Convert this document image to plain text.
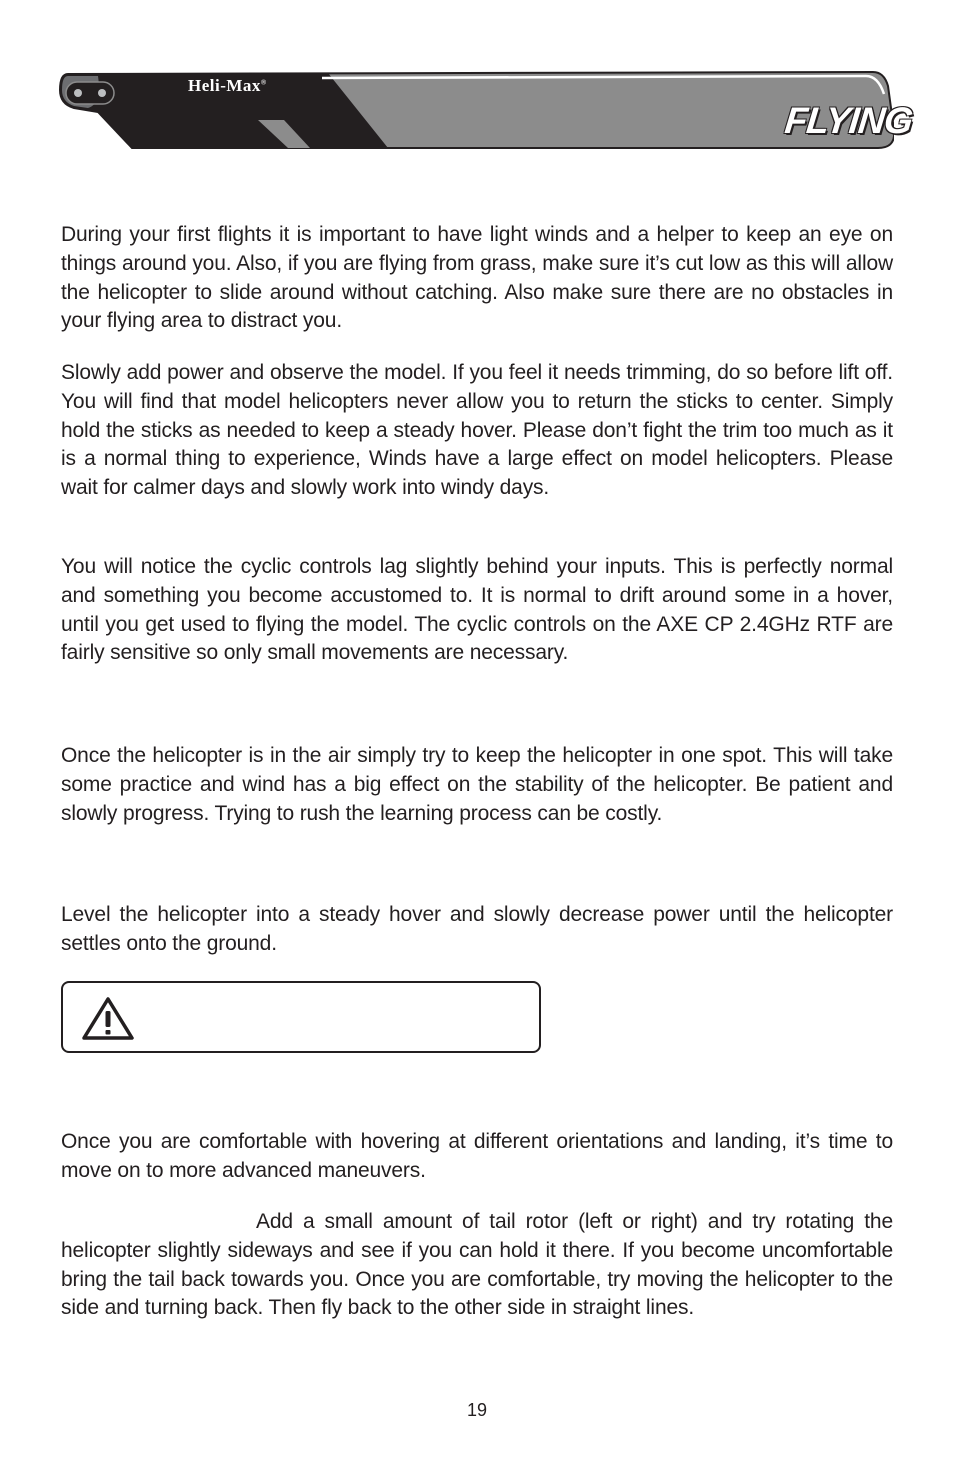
Heli-Max®
FLYING

During your first flights it is important to have light winds and a helper to keep an eye on things around you. Also, if you are flying from grass, make sure it’s cut low as this will allow the helicopter to slide around without catching. Also make sure there are no obstacles in your flying area to distract you.

Slowly add power and observe the model. If you feel it needs trimming, do so before lift off. You will find that model helicopters never allow you to return the sticks to center. Simply hold the sticks as needed to keep a steady hover. Please don’t fight the trim too much as it is a normal thing to experience, Winds have a large effect on model helicopters. Please wait for calmer days and slowly work into windy days.

You will notice the cyclic controls lag slightly behind your inputs. This is perfectly normal and something you become accustomed to. It is normal to drift around some in a hover, until you get used to flying the model. The cyclic controls on the AXE CP 2.4GHz RTF are fairly sensitive so only small movements are necessary.

Once the helicopter is in the air simply try to keep the helicopter in one spot. This will take some practice and wind has a big effect on the stability of the helicopter. Be patient and slowly progress. Trying to rush the learning process can be costly.

Level the helicopter into a steady hover and slowly decrease power until the helicopter settles onto the ground.

Once you are comfortable with hovering at different orientations and landing, it’s time to move on to more advanced maneuvers.

Add a small amount of tail rotor (left or right) and try rotating the helicopter slightly sideways and see if you can hold it there. If you become uncomfortable bring the tail back towards you. Once you are comfortable, try moving the helicopter to the side and turning back. Then fly back to the other side in straight lines.

19
